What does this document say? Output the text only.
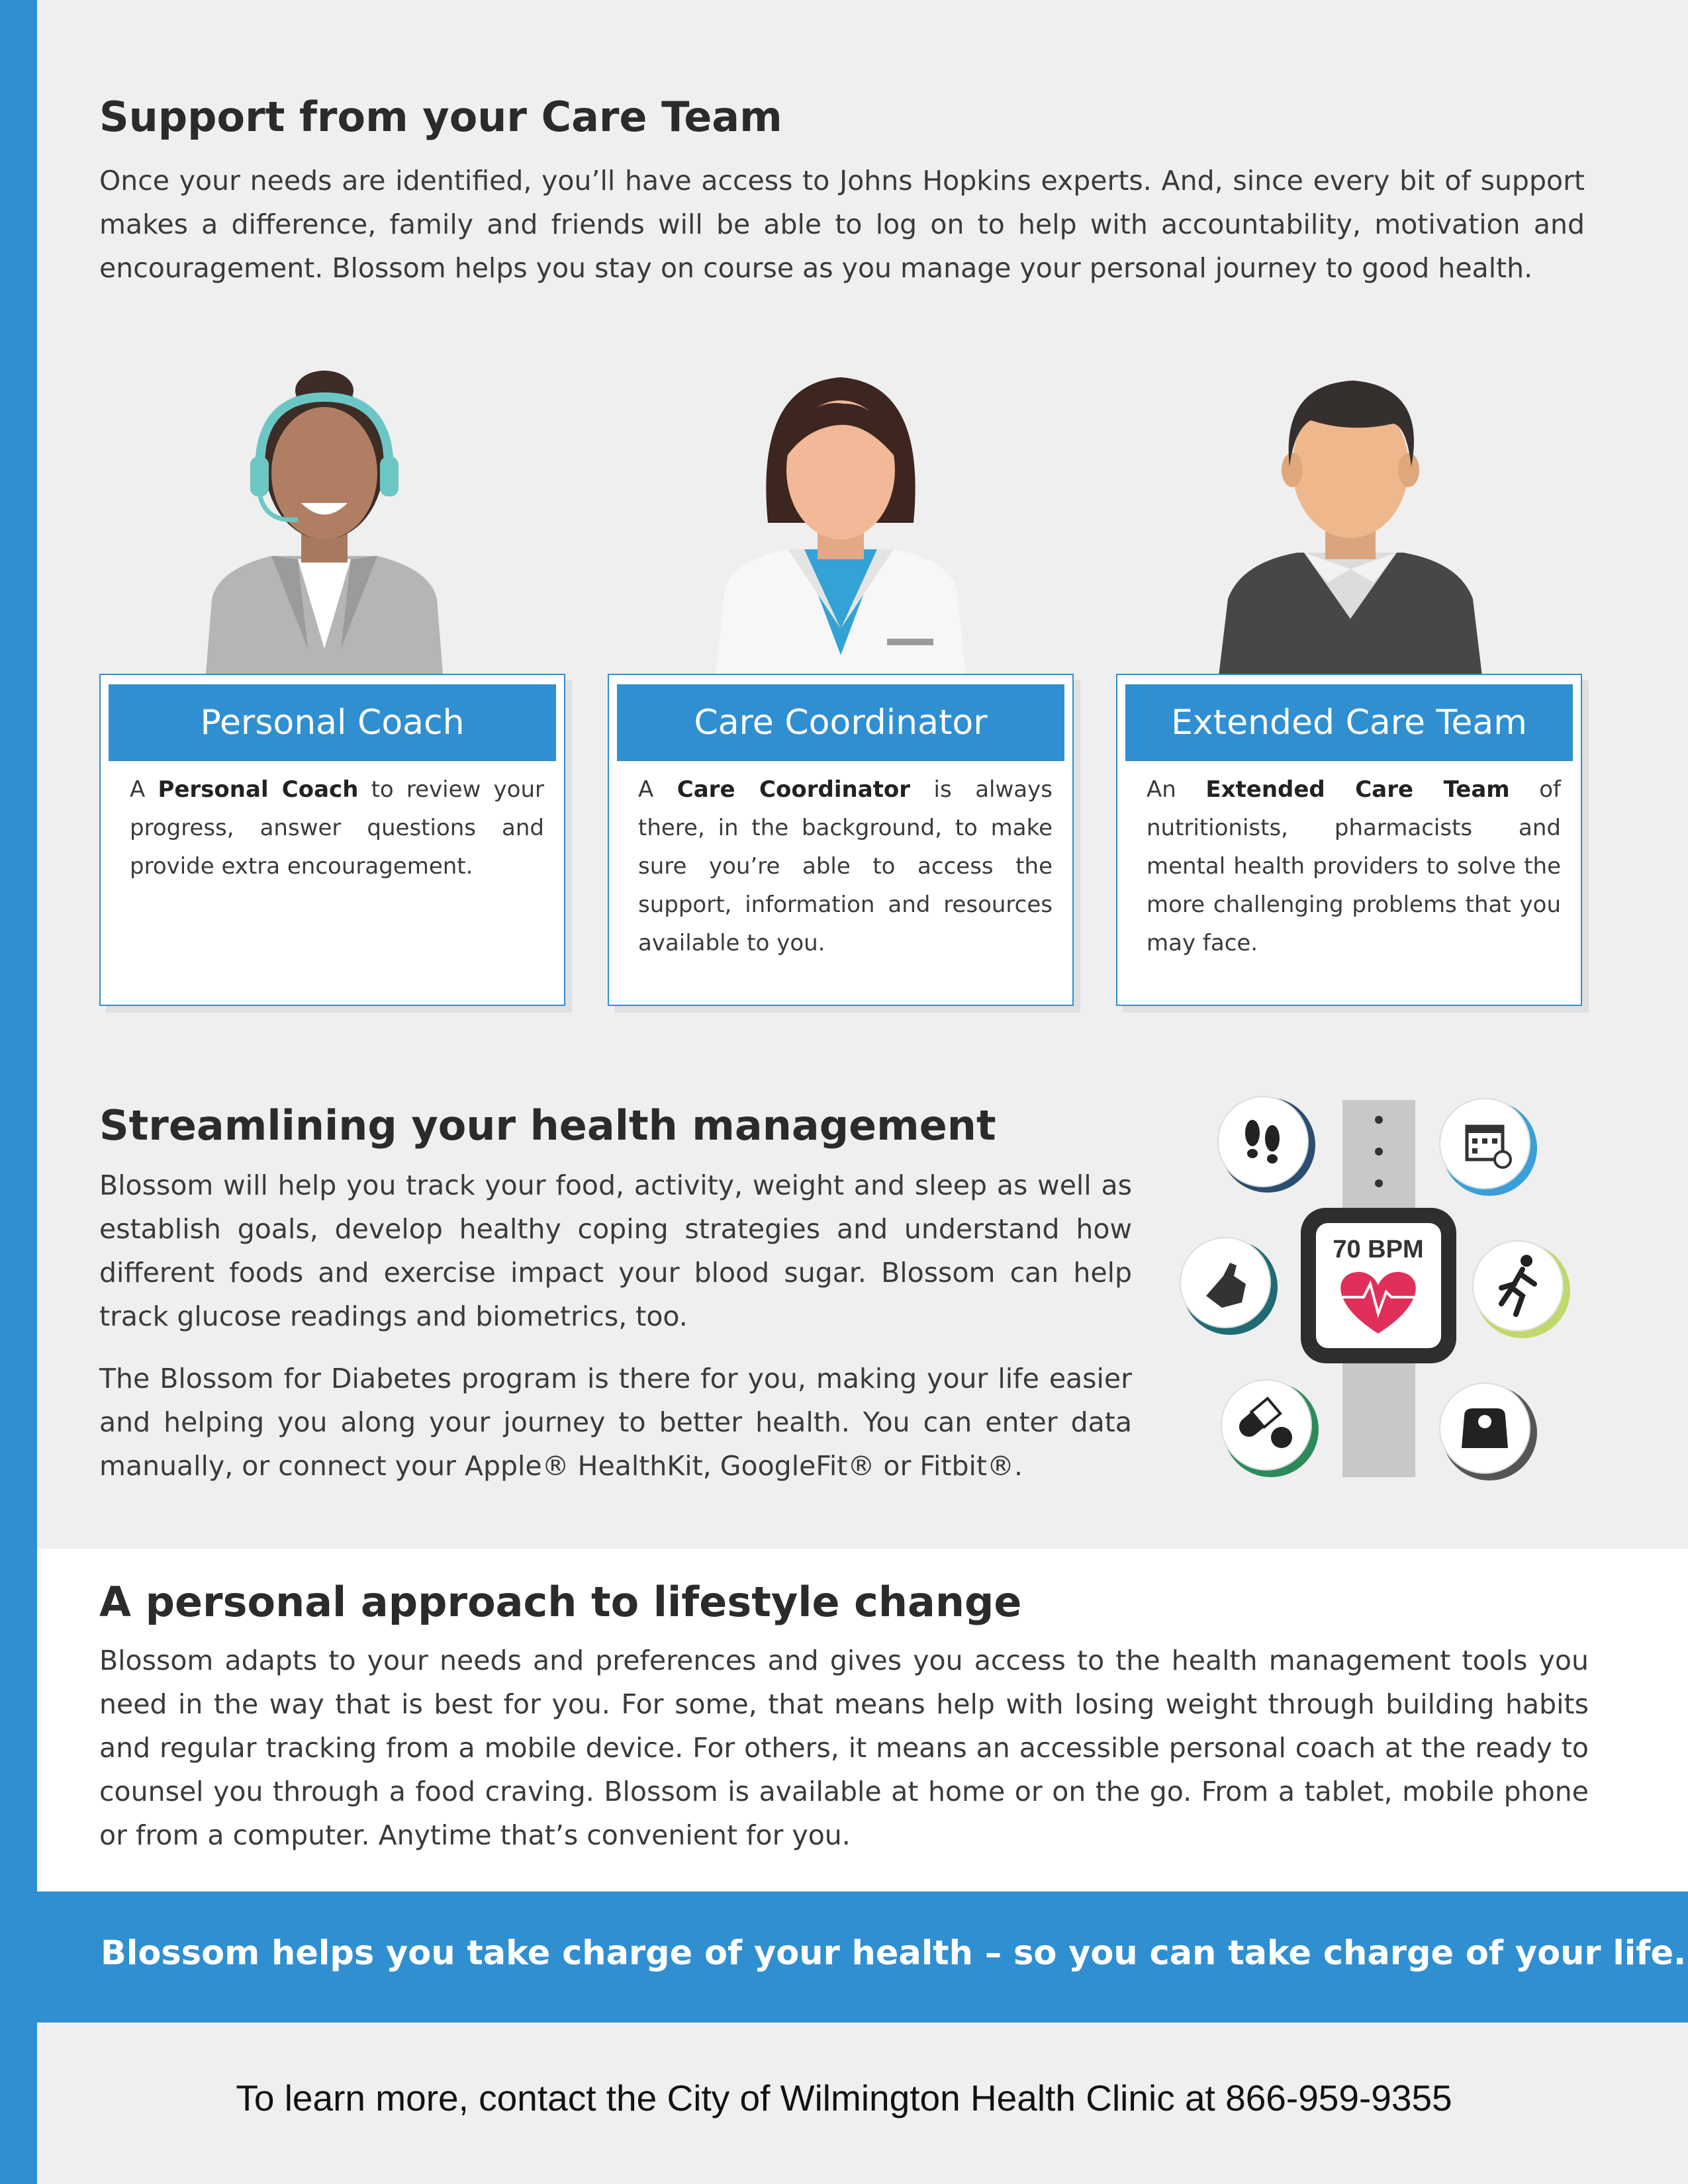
Support from your Care Team

Once your needs are identified, you’ll have access to Johns Hopkins experts. And, since every bit of support makes a difference, family and friends will be able to log on to help with accountability, motivation and encouragement. Blossom helps you stay on course as you manage your personal journey to good health.

Personal Coach
A Personal Coach to review your progress, answer questions and provide extra encouragement.
Care Coordinator
A Care Coordinator is always there, in the background, to make sure you’re able to access the support, information and resources available to you.
Extended Care Team
An Extended Care Team of nutritionists, pharmacists and mental health providers to solve the more challenging problems that you may face.
Streamlining your health management

Blossom will help you track your food, activity, weight and sleep as well as establish goals, develop healthy coping strategies and understand how different foods and exercise impact your blood sugar. Blossom can help track glucose readings and biometrics, too.

The Blossom for Diabetes program is there for you, making your life easier and helping you along your journey to better health. You can enter data manually, or connect your Apple® HealthKit, GoogleFit® or Fitbit®.

70 BPM
A personal approach to lifestyle change

Blossom adapts to your needs and preferences and gives you access to the health management tools you need in the way that is best for you. For some, that means help with losing weight through building habits and regular tracking from a mobile device. For others, it means an accessible personal coach at the ready to counsel you through a food craving. Blossom is available at home or on the go. From a tablet, mobile phone or from a computer. Anytime that’s convenient for you.

Blossom helps you take charge of your health – so you can take charge of your life.

To learn more, contact the City of Wilmington Health Clinic at 866-959-9355
